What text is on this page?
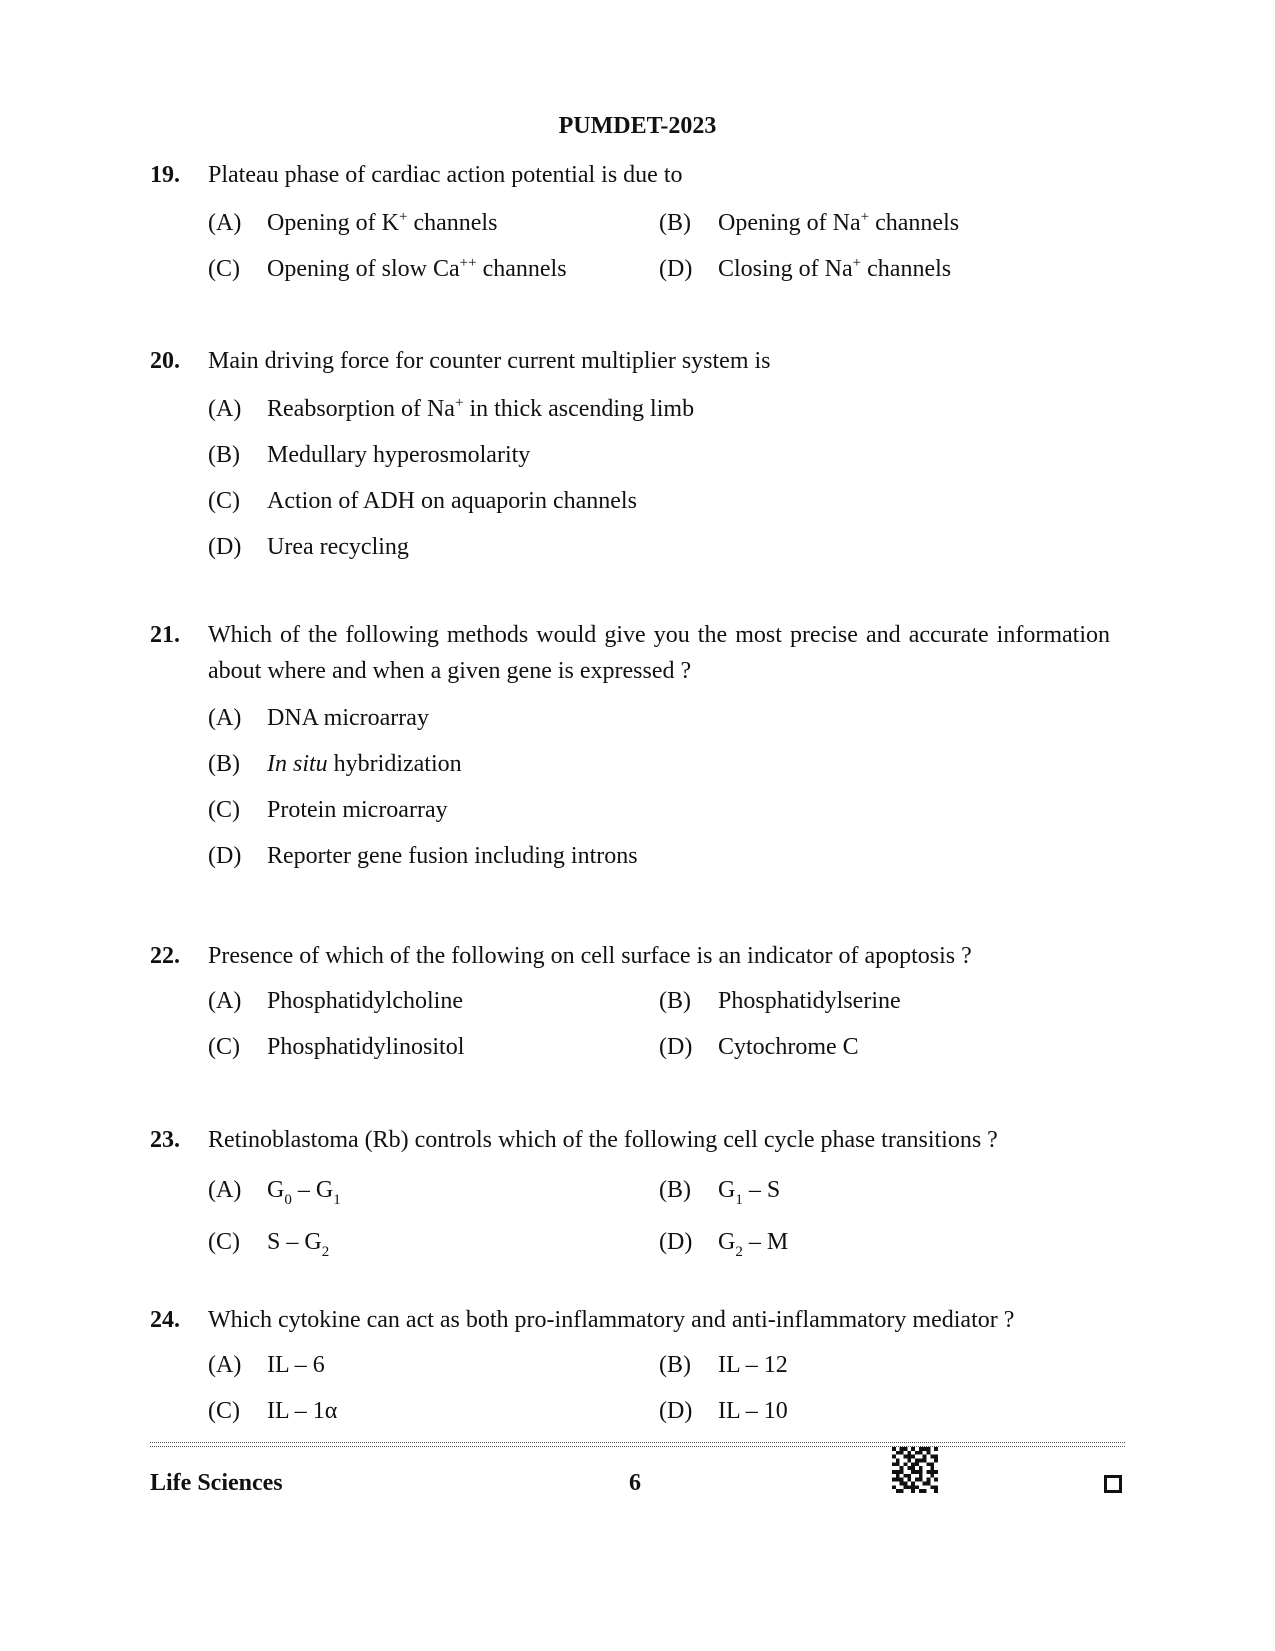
PUMDET-2023
19.	Plateau phase of cardiac action potential is due to
(A)	Opening of K+ channels	(B)	Opening of Na+ channels
(C)	Opening of slow Ca++ channels	(D)	Closing of Na+ channels
20.	Main driving force for counter current multiplier system is
(A)	Reabsorption of Na+ in thick ascending limb
(B)	Medullary hyperosmolarity
(C)	Action of ADH on aquaporin channels
(D)	Urea recycling
21.	Which of the following methods would give you the most precise and accurate information about where and when a given gene is expressed ?
(A)	DNA microarray
(B)	In situ hybridization
(C)	Protein microarray
(D)	Reporter gene fusion including introns
22.	Presence of which of the following on cell surface is an indicator of apoptosis ?
(A)	Phosphatidylcholine	(B)	Phosphatidylserine
(C)	Phosphatidylinositol	(D)	Cytochrome C
23.	Retinoblastoma (Rb) controls which of the following cell cycle phase transitions ?
(A)	$G_0 - G_1$	(B)	$G_1$ – S
(C)	S – $G_2$	(D)	$G_2$ – M
24.	Which cytokine can act as both pro-inflammatory and anti-inflammatory mediator ?
(A)	IL – 6	(B)	IL – 12
(C)	IL – 1α	(D)	IL – 10
Life Sciences	6
